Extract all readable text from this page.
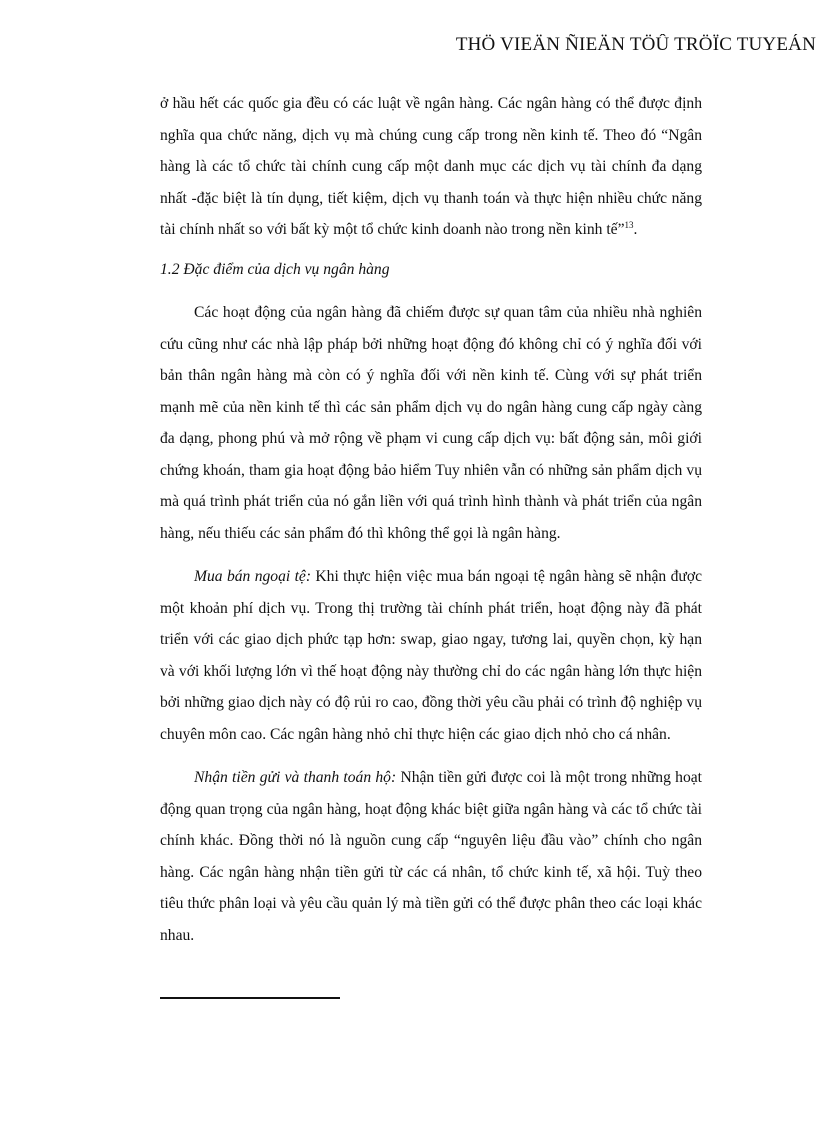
THÖ VIEÄN ÑIEÄN TÖÛ TRÖÏC TUYEÁN

ở hầu hết các quốc gia đều có các luật về ngân hàng. Các ngân hàng có thể được định nghĩa qua chức năng, dịch vụ mà chúng cung cấp trong nền kinh tế. Theo đó “Ngân hàng là các tổ chức tài chính cung cấp một danh mục các dịch vụ tài chính đa dạng nhất -đặc biệt là tín dụng, tiết kiệm, dịch vụ thanh toán và thực hiện nhiều chức năng tài chính nhất so với bất kỳ một tổ chức kinh doanh nào trong nền kinh tế”$^{13}$.

1.2 Đặc điểm của dịch vụ ngân hàng

Các hoạt động của ngân hàng đã chiếm được sự quan tâm của nhiều nhà nghiên cứu cũng như các nhà lập pháp bởi những hoạt động đó không chỉ có ý nghĩa đối với bản thân ngân hàng mà còn có ý nghĩa đối với nền kinh tế. Cùng với sự phát triển mạnh mẽ của nền kinh tế thì các sản phẩm dịch vụ do ngân hàng cung cấp ngày càng đa dạng, phong phú và mở rộng về phạm vi cung cấp dịch vụ: bất động sản, môi giới chứng khoán, tham gia hoạt động bảo hiểm Tuy nhiên vẫn có những sản phẩm dịch vụ mà quá trình phát triển của nó gắn liền với quá trình hình thành và phát triển của ngân hàng, nếu thiếu các sản phẩm đó thì không thể gọi là ngân hàng.

Mua bán ngoại tệ: Khi thực hiện việc mua bán ngoại tệ ngân hàng sẽ nhận được một khoản phí dịch vụ. Trong thị trường tài chính phát triển, hoạt động này đã phát triển với các giao dịch phức tạp hơn: swap, giao ngay, tương lai, quyền chọn, kỳ hạn và với khối lượng lớn vì thế hoạt động này thường chỉ do các ngân hàng lớn thực hiện bởi những giao dịch này có độ rủi ro cao, đồng thời yêu cầu phải có trình độ nghiệp vụ chuyên môn cao. Các ngân hàng nhỏ chỉ thực hiện các giao dịch nhỏ cho cá nhân.

Nhận tiền gửi và thanh toán hộ: Nhận tiền gửi được coi là một trong những hoạt động quan trọng của ngân hàng, hoạt động khác biệt giữa ngân hàng và các tổ chức tài chính khác. Đồng thời nó là nguồn cung cấp “nguyên liệu đầu vào” chính cho ngân hàng. Các ngân hàng nhận tiền gửi từ các cá nhân, tổ chức kinh tế, xã hội. Tuỳ theo tiêu thức phân loại và yêu cầu quản lý mà tiền gửi có thể được phân theo các loại khác nhau.
